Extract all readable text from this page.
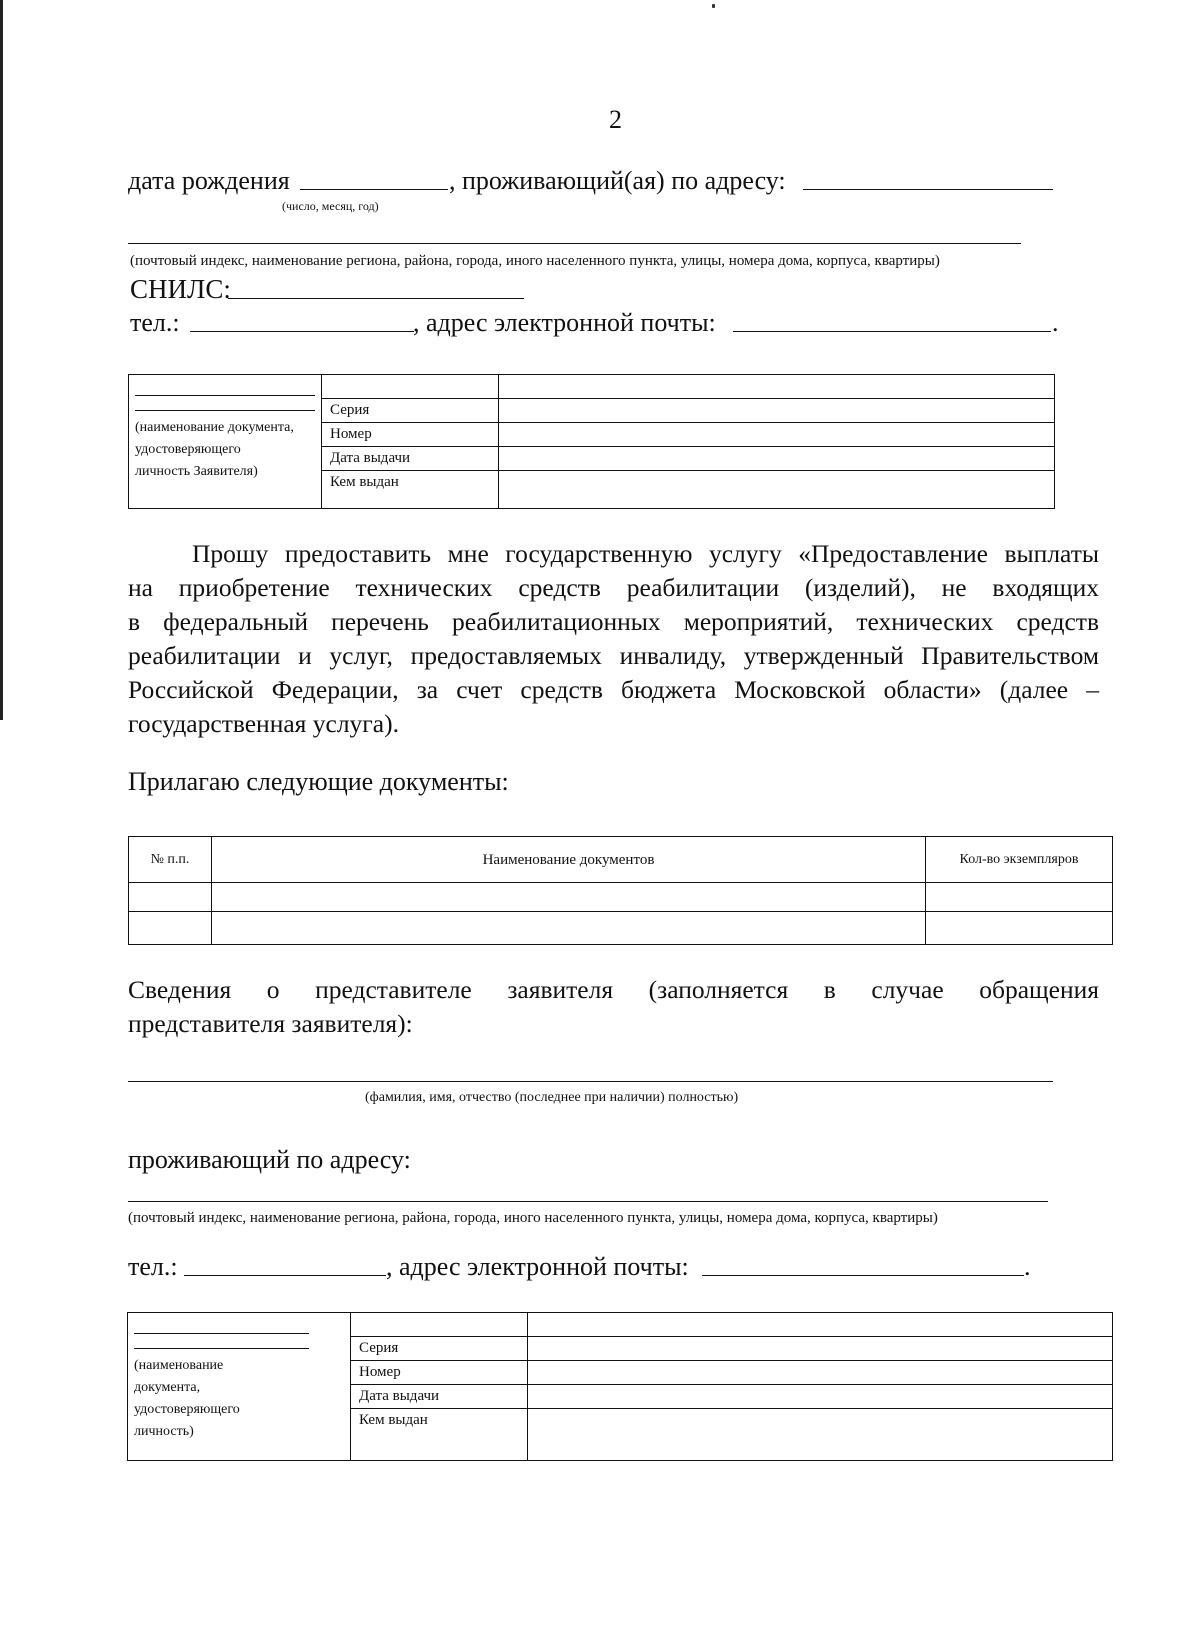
2
дата рождения	, проживающий(ая) по адресу:
(число, месяц, год)
(почтовый индекс, наименование региона, района, города, иного населенного пункта, улицы, номера дома, корпуса, квартиры)
СНИЛС:
тел.:	, адрес электронной почты:	.
(наименование документа, удостоверяющего личность Заявителя)		

	Серия	
	Номер	
	Дата выдачи	
	Кем выдан	
Прошу предоставить мне государственную услугу «Предоставление выплаты
на приобретение технических средств реабилитации (изделий), не входящих
в федеральный перечень реабилитационных мероприятий, технических средств
реабилитации и услуг, предоставляемых инвалиду, утвержденный Правительством
Российской Федерации, за счет средств бюджета Московской области» (далее –
государственная услуга).
Прилагаю следующие документы:
№ п.п.	Наименование документов	Кол-во экземпляров

Сведения о представителе заявителя (заполняется в случае обращения
представителя заявителя):
(фамилия, имя, отчество (последнее при наличии) полностью)
проживающий по адресу:
(почтовый индекс, наименование региона, района, города, иного населенного пункта, улицы, номера дома, корпуса, квартиры)
тел.:	, адрес электронной почты:	.
(наименование документа, удостоверяющего личность)		

	Серия	
	Номер	
	Дата выдачи	
	Кем выдан	
